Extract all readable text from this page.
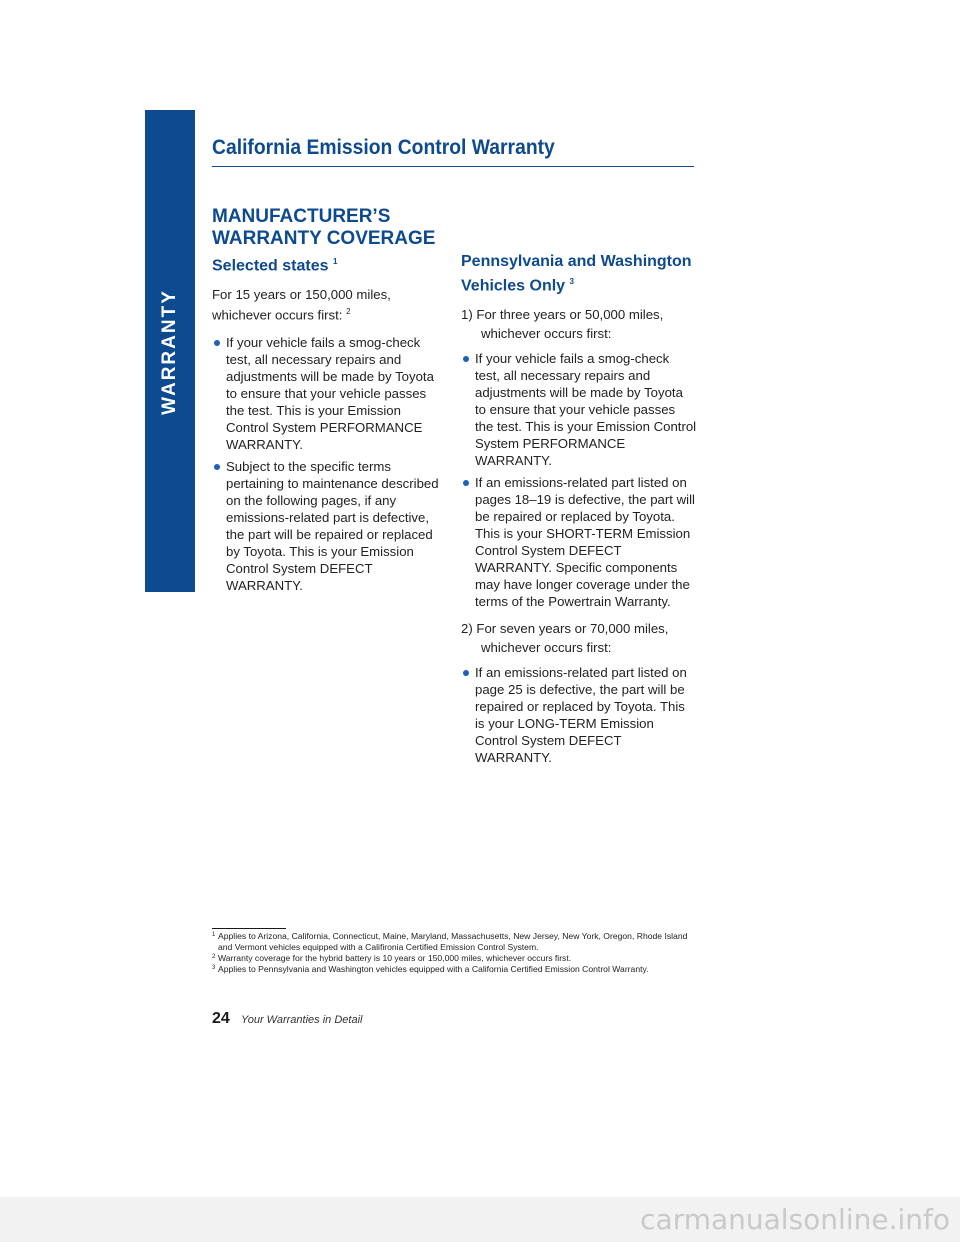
WARRANTY
California Emission Control Warranty
MANUFACTURER’S WARRANTY COVERAGE
Selected states $^1$

For 15 years or 150,000 miles, whichever occurs first: $^2$

If your vehicle fails a smog-check test, all necessary repairs and adjustments will be made by Toyota to ensure that your vehicle passes the test. This is your Emission Control System PERFORMANCE WARRANTY.
Subject to the specific terms pertaining to maintenance described on the following pages, if any emissions-related part is defective, the part will be repaired or replaced by Toyota. This is your Emission Control System DEFECT WARRANTY.
Pennsylvania and Washington Vehicles Only $^3$
1) For three years or 50,000 miles,
whichever occurs first:
If your vehicle fails a smog-check test, all necessary repairs and adjustments will be made by Toyota to ensure that your vehicle passes the test. This is your Emission Control System PERFORMANCE WARRANTY.
If an emissions-related part listed on pages 18–19 is defective, the part will be repaired or replaced by Toyota. This is your SHORT-TERM Emission Control System DEFECT WARRANTY. Specific components may have longer coverage under the terms of the Powertrain Warranty.
2) For seven years or 70,000 miles,
whichever occurs first:
If an emissions-related part listed on page 25 is defective, the part will be repaired or replaced by Toyota. This is your LONG-TERM Emission Control System DEFECT WARRANTY.
1 Applies to Arizona, California, Connecticut, Maine, Maryland, Massachusetts, New Jersey, New York, Oregon, Rhode Island and Vermont vehicles equipped with a Califironia Certified Emission Control System.
2 Warranty coverage for the hybrid battery is 10 years or 150,000 miles, whichever occurs first.
3 Applies to Pennsylvania and Washington vehicles equipped with a California Certified Emission Control Warranty.
24 Your Warranties in Detail
carmanualsonline.info
